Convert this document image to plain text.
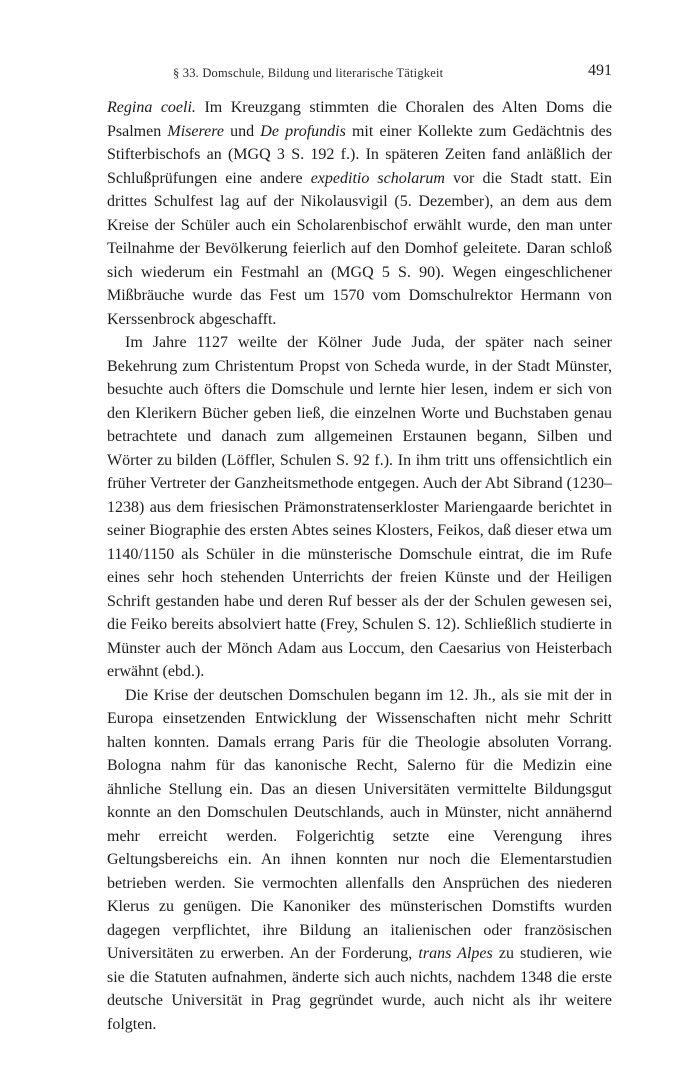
§ 33. Domschule, Bildung und literarische Tätigkeit	491

Regina coeli. Im Kreuzgang stimmten die Choralen des Alten Doms die Psalmen Miserere und De profundis mit einer Kollekte zum Gedächtnis des Stifterbischofs an (MGQ 3 S. 192 f.). In späteren Zeiten fand anläßlich der Schlußprüfungen eine andere expeditio scholarum vor die Stadt statt. Ein drittes Schulfest lag auf der Nikolausvigil (5. Dezember), an dem aus dem Kreise der Schüler auch ein Scholarenbischof erwählt wurde, den man unter Teilnahme der Bevölkerung feierlich auf den Domhof geleitete. Daran schloß sich wiederum ein Festmahl an (MGQ 5 S. 90). Wegen eingeschlichener Mißbräuche wurde das Fest um 1570 vom Domschulrektor Hermann von Kerssenbrock abgeschafft.

Im Jahre 1127 weilte der Kölner Jude Juda, der später nach seiner Bekehrung zum Christentum Propst von Scheda wurde, in der Stadt Münster, besuchte auch öfters die Domschule und lernte hier lesen, indem er sich von den Klerikern Bücher geben ließ, die einzelnen Worte und Buchstaben genau betrachtete und danach zum allgemeinen Erstaunen begann, Silben und Wörter zu bilden (Löffler, Schulen S. 92 f.). In ihm tritt uns offensichtlich ein früher Vertreter der Ganzheitsmethode entgegen. Auch der Abt Sibrand (1230–1238) aus dem friesischen Prämonstratenserkloster Mariengaarde berichtet in seiner Biographie des ersten Abtes seines Klosters, Feikos, daß dieser etwa um 1140/1150 als Schüler in die münsterische Domschule eintrat, die im Rufe eines sehr hoch stehenden Unterrichts der freien Künste und der Heiligen Schrift gestanden habe und deren Ruf besser als der der Schulen gewesen sei, die Feiko bereits absolviert hatte (Frey, Schulen S. 12). Schließlich studierte in Münster auch der Mönch Adam aus Loccum, den Caesarius von Heisterbach erwähnt (ebd.).

Die Krise der deutschen Domschulen begann im 12. Jh., als sie mit der in Europa einsetzenden Entwicklung der Wissenschaften nicht mehr Schritt halten konnten. Damals errang Paris für die Theologie absoluten Vorrang. Bologna nahm für das kanonische Recht, Salerno für die Medizin eine ähnliche Stellung ein. Das an diesen Universitäten vermittelte Bildungsgut konnte an den Domschulen Deutschlands, auch in Münster, nicht annähernd mehr erreicht werden. Folgerichtig setzte eine Verengung ihres Geltungsbereichs ein. An ihnen konnten nur noch die Elementarstudien betrieben werden. Sie vermochten allenfalls den Ansprüchen des niederen Klerus zu genügen. Die Kanoniker des münsterischen Domstifts wurden dagegen verpflichtet, ihre Bildung an italienischen oder französischen Universitäten zu erwerben. An der Forderung, trans Alpes zu studieren, wie sie die Statuten aufnahmen, änderte sich auch nichts, nachdem 1348 die erste deutsche Universität in Prag gegründet wurde, auch nicht als ihr weitere folgten.
